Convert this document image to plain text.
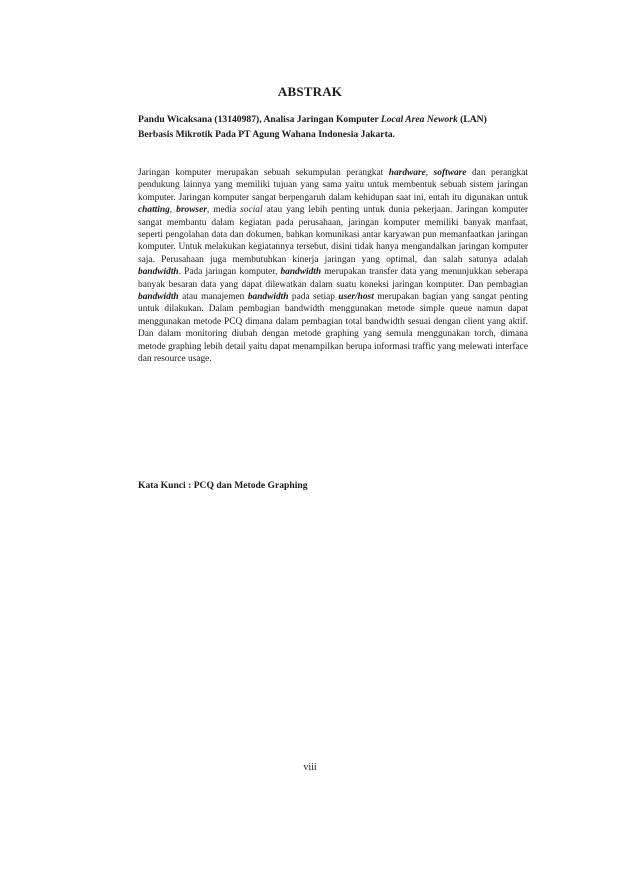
ABSTRAK
Pandu Wicaksana (13140987), Analisa Jaringan Komputer Local Area Nework (LAN) Berbasis Mikrotik Pada PT Agung Wahana Indonesia Jakarta.
Jaringan komputer merupakan sebuah sekumpulan perangkat hardware, software dan perangkat pendukung lainnya yang memiliki tujuan yang sama yaitu untuk membentuk sebuah sistem jaringan komputer. Jaringan komputer sangat berpengaruh dalam kehidupan saat ini, entah itu digunakan untuk chatting, browser, media social atau yang lebih penting untuk dunia pekerjaan. Jaringan komputer sangat membantu dalam kegiatan pada perusahaan, jaringan komputer memiliki banyak manfaat, seperti pengolahan data dan dokumen, bahkan komunikasi antar karyawan pun memanfaatkan jaringan komputer. Untuk melakukan kegiatannya tersebut, disini tidak hanya mengandalkan jaringan komputer saja. Perusahaan juga membutuhkan kinerja jaringan yang optimal, dan salah satunya adalah bandwidth. Pada jaringan komputer, bandwidth merupakan transfer data yang menunjukkan seberapa banyak besaran data yang dapat dilewatkan dalam suatu koneksi jaringan komputer. Dan pembagian bandwidth atau manajemen bandwidth pada setiap user/host merupakan bagian yang sangat penting untuk dilakukan. Dalam pembagian bandwidth menggunakan metode simple queue namun dapat menggunakan metode PCQ dimana dalam pembagian total bandwidth sesuai dengan client yang aktif. Dan dalam monitoring diubah dengan metode graphing yang semula menggunakan torch, dimana metode graphing lebih detail yaitu dapat menampilkan berupa informasi traffic yang melewati interface dan resource usage.
Kata Kunci : PCQ dan Metode Graphing
viii
